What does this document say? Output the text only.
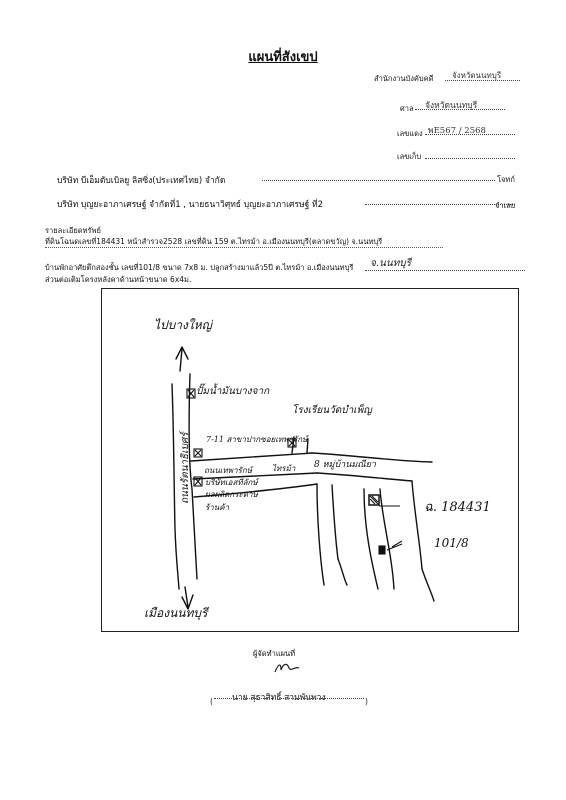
แผนที่สังเขป
สำนักงานบังคับคดี จังหวัดนนทบุรี
ศาล จังหวัดนนทบุรี
เลขแดง พE567 / 2568
เลขเก็บ
บริษัท บีเอ็มดับเบิลยู ลิสซิ่ง(ประเทศไทย) จำกัด	โจทก์
บริษัท บุญยะอาภาเศรษฐ์ จำกัดที่1 , นายธนาวิศุทธ์ บุญยะอาภาเศรษฐ์ ที่2	จำเลย
รายละเอียดทรัพย์
ที่ดินโฉนดเลขที่184431 หน้าสำรวจ2528 เลขที่ดิน 159 ต.ไทรม้า อ.เมืองนนทบุรี(ตลาดขวัญ) จ.นนทบุรี
บ้านพักอาศัยตึกสองชั้น เลขที่101/8 ขนาด 7x8 ม. ปลูกสร้างมาแล้ว5ปี ต.ไทรม้า อ.เมืองนนทบุรี จ.นนทบุรี
ส่วนต่อเติมโครงหลังคาด้านหน้าขนาด 6x4ม.
ไปบางใหญ่
เมืองนนทบุรี
ปั๊มน้ำมันบางจาก
โรงเรียนวัดบำเพ็ญ
7-11 สาขาปากซอยเทพารักษ์
ถนนเทพารักษ์	ไทรม้า 8 หมู่บ้านมณียา
บริษัทเอสทีลักษ์
ผลผลิตกระดาษ
ร้านค้า	ฉ. 184431
101/8
ถนนรัตนาธิเบศร์
ผู้จัดทำแผนที่
นาย สุธาสิทธิ์ สามพันพวง
(	)
